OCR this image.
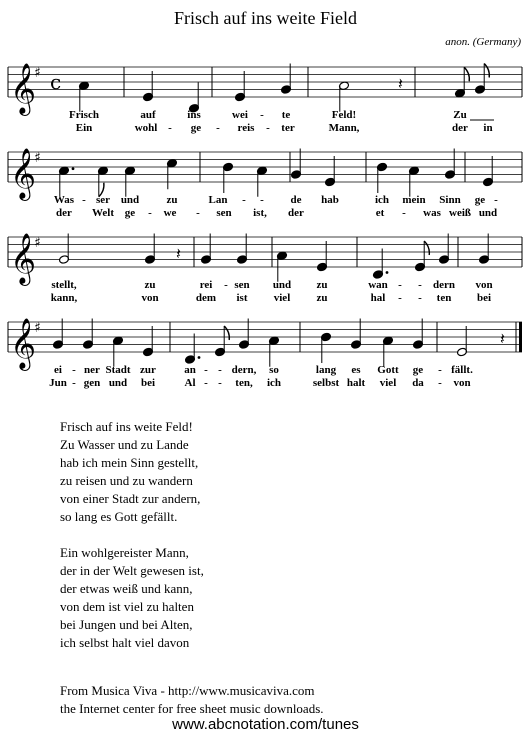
Frisch auf ins weite Field
anon. (Germany)
𝄞
♯ c
𝄞
♯
𝄞
♯
𝄞
♯
𝄽
𝄽
𝄽
Frisch	auf	ins	wei - te	Feld!	Zu
Ein	wohl - ge - reis - ter	Mann,	der in
Was - ser und zu	Lan - - de hab	ich mein Sinn ge -
der Welt ge - we - sen ist, der	et - was weiß und
stellt,	zu	rei - sen und zu	wan - - dern von
kann,	von	dem ist viel zu	hal - - ten bei
ei - ner Stadt zur	an - - dern, so	lang es Gott ge - fällt.
Jun - gen und bei	Al - - ten, ich	selbst halt viel da - von
Frisch auf ins weite Feld!
Zu Wasser und zu Lande
hab ich mein Sinn gestellt,
zu reisen und zu wandern
von einer Stadt zur andern,
so lang es Gott gefällt.
Ein wohlgereister Mann,
der in der Welt gewesen ist,
der etwas weiß und kann,
von dem ist viel zu halten
bei Jungen und bei Alten,
ich selbst halt viel davon
From Musica Viva - http://www.musicaviva.com
the Internet center for free sheet music downloads.
www.abcnotation.com/tunes
